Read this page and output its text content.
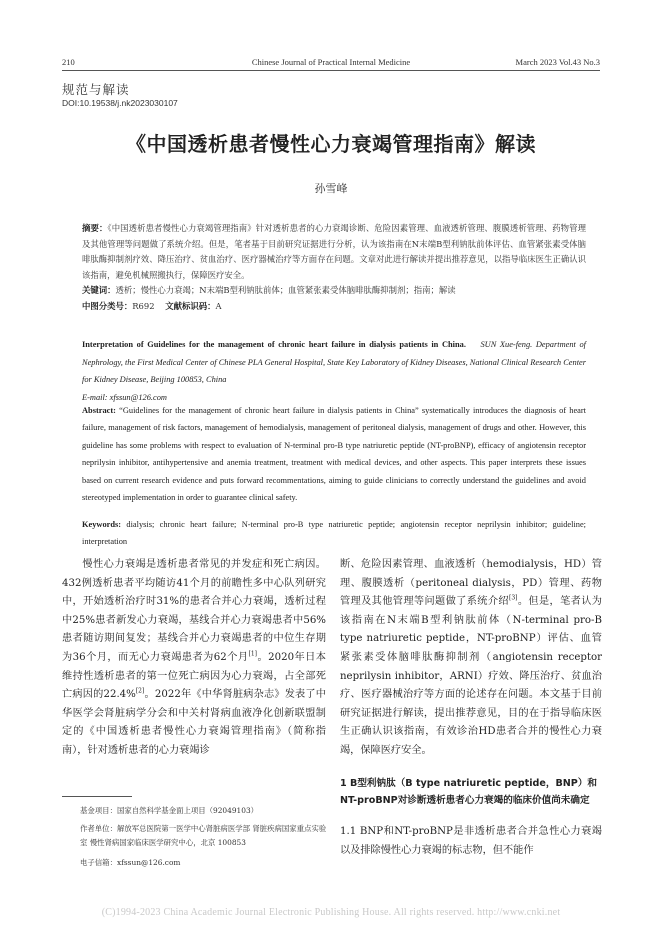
210	Chinese Journal of Practical Internal Medicine	March 2023 Vol.43 No.3
规范与解读
DOI:10.19538/j.nk2023030107
《中国透析患者慢性心力衰竭管理指南》解读
孙雪峰
摘要：《中国透析患者慢性心力衰竭管理指南》针对透析患者的心力衰竭诊断、危险因素管理、血液透析管理、腹膜透析管理、药物管理及其他管理等问题做了系统介绍。但是，笔者基于目前研究证据进行分析，认为该指南在N末端B型利钠肽前体评估、血管紧张素受体脑啡肽酶抑制剂疗效、降压治疗、贫血治疗、医疗器械治疗等方面存在问题。文章对此进行解读并提出推荐意见，以指导临床医生正确认识该指南，避免机械照搬执行，保障医疗安全。
关键词：透析；慢性心力衰竭；N末端B型利钠肽前体；血管紧张素受体脑啡肽酶抑制剂；指南；解读
中图分类号：R692 文献标识码：A
Interpretation of Guidelines for the management of chronic heart failure in dialysis patients in China. SUN Xue-feng. Department of Nephrology, the First Medical Center of Chinese PLA General Hospital, State Key Laboratory of Kidney Diseases, National Clinical Research Center for Kidney Disease, Beijing 100853, China
E-mail: xfssun@126.com
Abstract: “Guidelines for the management of chronic heart failure in dialysis patients in China” systematically introduces the diagnosis of heart failure, management of risk factors, management of hemodialysis, management of peritoneal dialysis, management of drugs and other. However, this guideline has some problems with respect to evaluation of N-terminal pro-B type natriuretic peptide (NT-proBNP), efficacy of angiotensin receptor neprilysin inhibitor, antihypertensive and anemia treatment, treatment with medical devices, and other aspects. This paper interprets these issues based on current research evidence and puts forward recommentations, aiming to guide clinicians to correctly understand the guidelines and avoid stereotyped implementation in order to guarantee clinical safety.
Keywords: dialysis; chronic heart failure; N-terminal pro-B type natriuretic peptide; angiotensin receptor neprilysin inhibitor; guideline; interpretation
慢性心力衰竭是透析患者常见的并发症和死亡病因。432例透析患者平均随访41个月的前瞻性多中心队列研究中，开始透析治疗时31%的患者合并心力衰竭，透析过程中25%患者新发心力衰竭，基线合并心力衰竭患者中56%患者随访期间复发；基线合并心力衰竭患者的中位生存期为36个月，而无心力衰竭患者为62个月[1]。2020年日本维持性透析患者的第一位死亡病因为心力衰竭，占全部死亡病因的22.4%[2]。2022年《中华肾脏病杂志》发表了中华医学会肾脏病学分会和中关村肾病血液净化创新联盟制定的《中国透析患者慢性心力衰竭管理指南》（简称指南），针对透析患者的心力衰竭诊
基金项目：国家自然科学基金面上项目（92049103）
作者单位：解放军总医院第一医学中心肾脏病医学部 肾脏疾病国家重点实验室 慢性肾病国家临床医学研究中心，北京 100853
电子信箱：xfssun@126.com
断、危险因素管理、血液透析（hemodialysis，HD）管理、腹膜透析（peritoneal dialysis，PD）管理、药物管理及其他管理等问题做了系统介绍[3]。但是，笔者认为该指南在N末端B型利钠肽前体（N-terminal pro-B type natriuretic peptide，NT-proBNP）评估、血管紧张素受体脑啡肽酶抑制剂（angiotensin receptor neprilysin inhibitor，ARNI）疗效、降压治疗、贫血治疗、医疗器械治疗等方面的论述存在问题。本文基于目前研究证据进行解读，提出推荐意见，目的在于指导临床医生正确认识该指南，有效诊治HD患者合并的慢性心力衰竭，保障医疗安全。
1 B型利钠肽（B type natriuretic peptide，BNP）和NT-proBNP对诊断透析患者心力衰竭的临床价值尚未确定
1.1 BNP和NT-proBNP是非透析患者合并急性心力衰竭以及排除慢性心力衰竭的标志物，但不能作
(C)1994-2023 China Academic Journal Electronic Publishing House. All rights reserved. http://www.cnki.net
